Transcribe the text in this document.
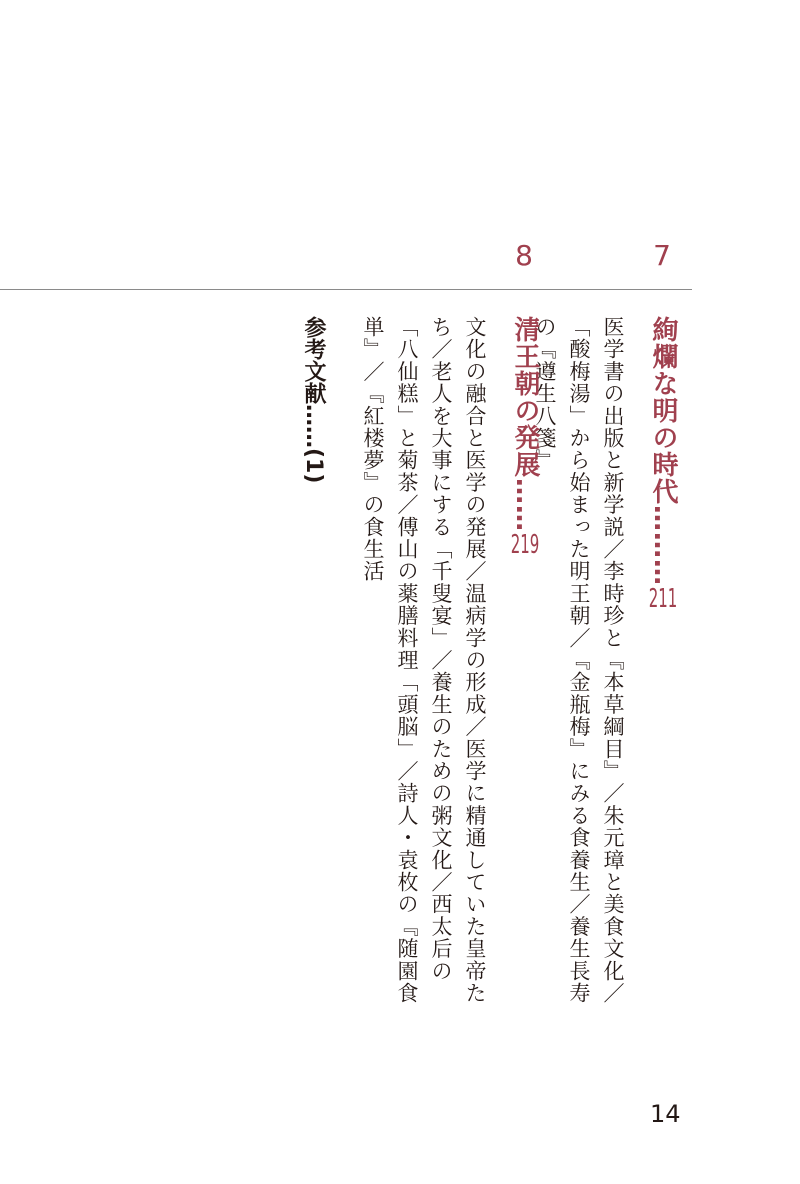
7
8
絢爛な明の時代………211
医学書の出版と新学説／李時珍と『本草綱目』／朱元璋と美食文化／「酸梅湯」から始まった明王朝／『金瓶梅』にみる食養生／養生長寿の『遵生八箋』
清王朝の発展……219
文化の融合と医学の発展／温病学の形成／医学に精通していた皇帝たち／老人を大事にする「千叟宴」／養生のための粥文化／西太后の「八仙糕」と菊茶／傅山の薬膳料理「頭脳」／詩人・袁枚の『随園食単』／『紅楼夢』の食生活
参考文献……(1)
14
